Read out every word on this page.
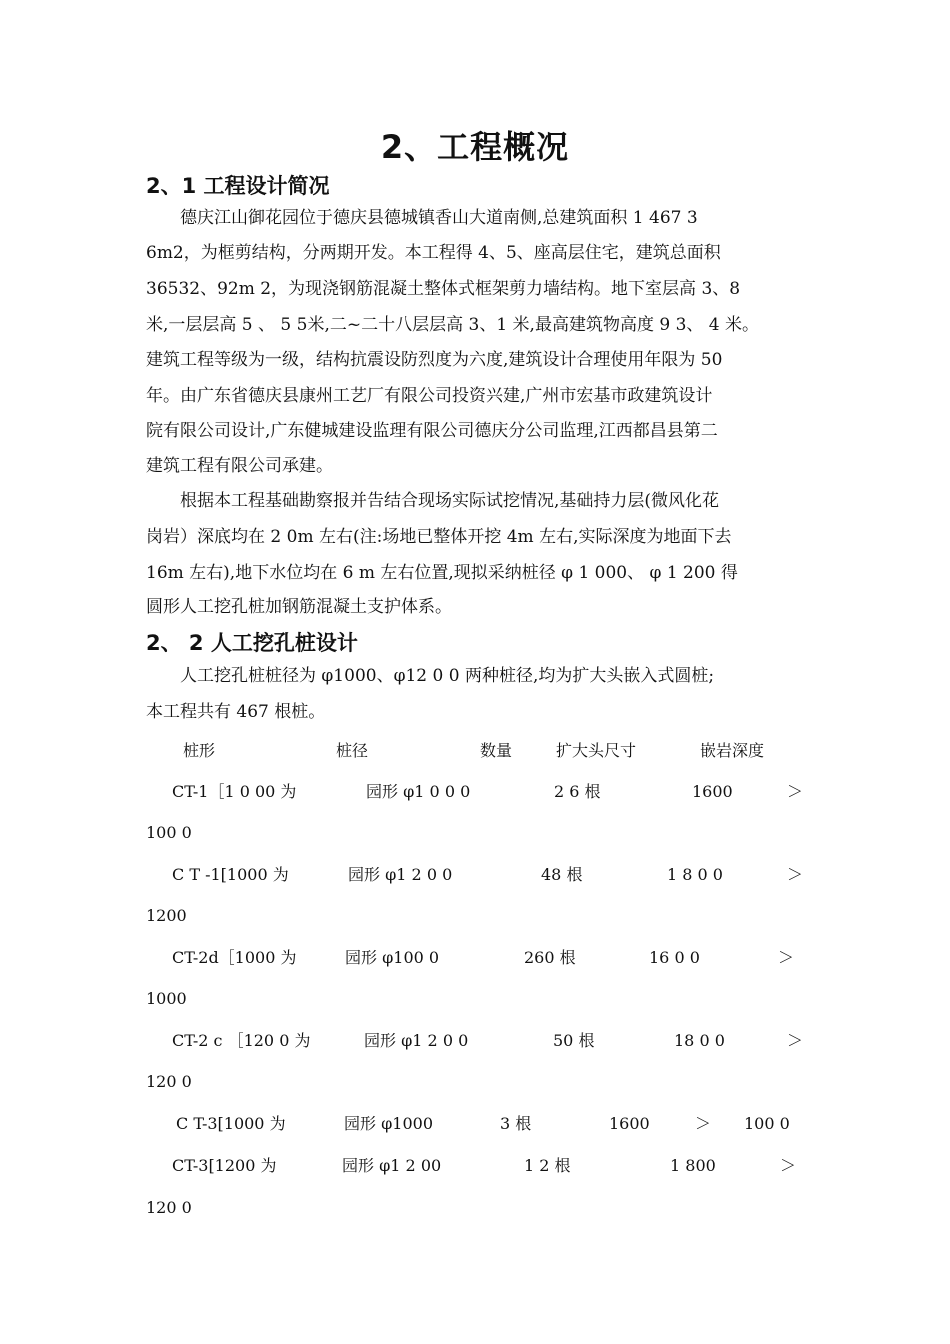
2、工程概况
2、1 工程设计简况
德庆江山御花园位于德庆县德城镇香山大道南侧,总建筑面积 1 467 3
6m2，为框剪结构，分两期开发。本工程得 4、5、座高层住宅，建筑总面积
36532、92m 2，为现浇钢筋混凝土整体式框架剪力墙结构。地下室层高 3、8
米,一层层高 5 、 5 5米,二~二十八层层高 3、1 米,最高建筑物高度 9 3、 4 米。
建筑工程等级为一级，结构抗震设防烈度为六度,建筑设计合理使用年限为 50
年。由广东省德庆县康州工艺厂有限公司投资兴建,广州市宏基市政建筑设计
院有限公司设计,广东健城建设监理有限公司德庆分公司监理,江西都昌县第二
建筑工程有限公司承建。
根据本工程基础勘察报并告结合现场实际试挖情况,基础持力层(微风化花
岗岩）深底均在 2 0m 左右(注:场地已整体开挖 4m 左右,实际深度为地面下去
16m 左右),地下水位均在 6 m 左右位置,现拟采纳桩径 φ 1 000、 φ 1 200 得
圆形人工挖孔桩加钢筋混凝土支护体系。
2、 2 人工挖孔桩设计
人工挖孔桩桩径为 φ1000、φ12 0 0 两种桩径,均为扩大头嵌入式圆桩;
本工程共有 467 根桩。
桩形	桩径	数量	扩大头尺寸	嵌岩深度
CT-1［1 0 00 为	园形 φ1 0 0 0	2 6 根	1600	＞
100 0
C T -1[1000 为	园形 φ1 2 0 0	48 根	1 8 0 0	＞
1200
CT-2d［1000 为	园形 φ100 0	260 根	16 0 0	＞
1000
CT-2 c ［120 0 为	园形 φ1 2 0 0	50 根	18 0 0	＞
120 0
C T-3[1000 为	园形 φ1000	3 根	1600	＞ 100 0
CT-3[1200 为	园形 φ1 2 00	1 2 根	1 800	＞
120 0
